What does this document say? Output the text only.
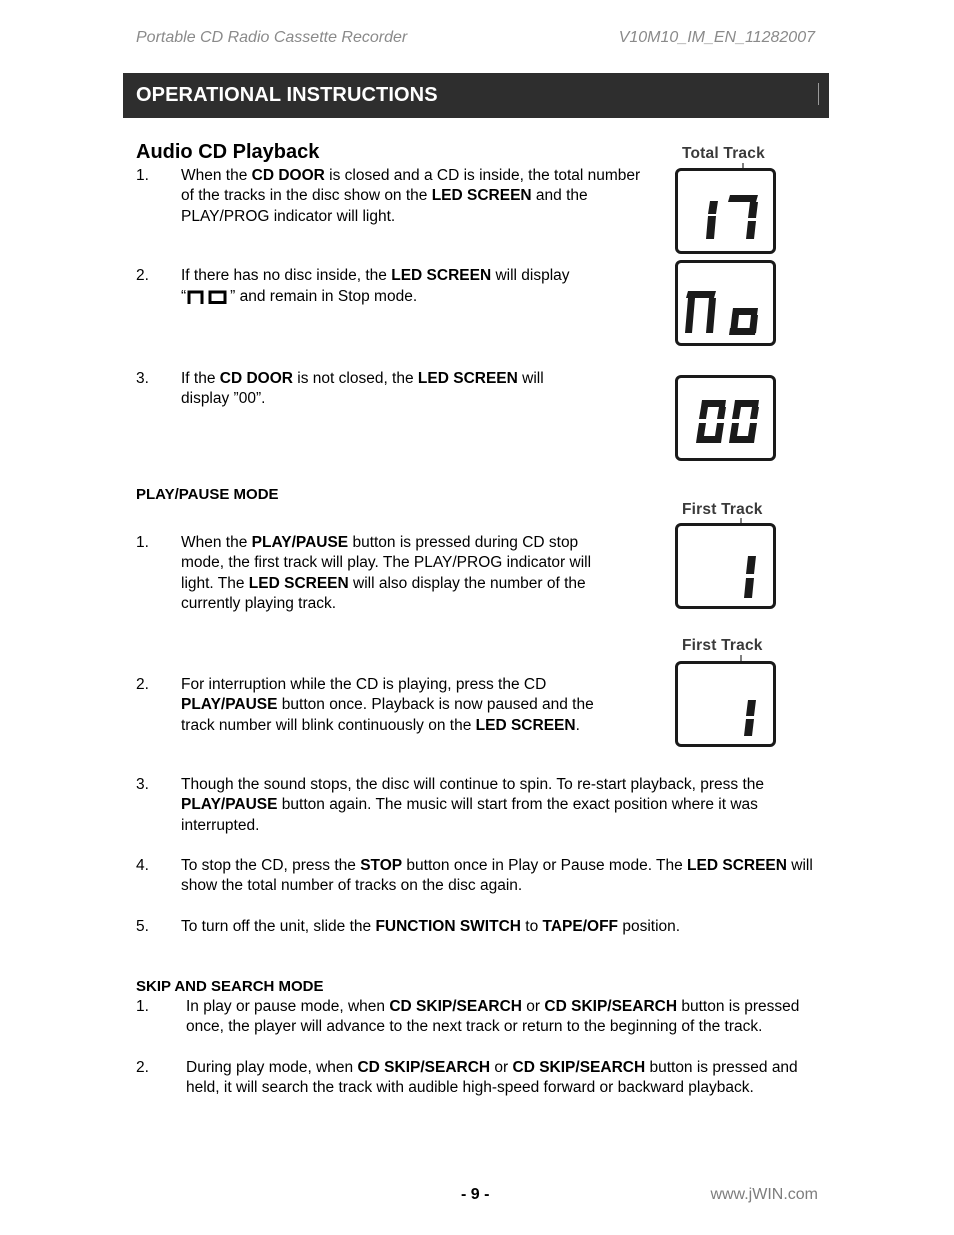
Portable CD Radio Cassette Recorder	V10M10_IM_EN_11282007
OPERATIONAL INSTRUCTIONS
Audio CD Playback
1. When the CD DOOR is closed and a CD is inside, the total number of the tracks in the disc show on the LED SCREEN and the PLAY/PROG indicator will light.
2. If there has no disc inside, the LED SCREEN will display
“	” and remain in Stop mode.
3. If the CD DOOR is not closed, the LED SCREEN will display ”00”.
PLAY/PAUSE MODE
1. When the PLAY/PAUSE button is pressed during CD stop mode, the first track will play. The PLAY/PROG indicator will light. The LED SCREEN will also display the number of the currently playing track.
2. For interruption while the CD is playing, press the CD PLAY/PAUSE button once. Playback is now paused and the track number will blink continuously on the LED SCREEN.
3. Though the sound stops, the disc will continue to spin. To re-start playback, press the PLAY/PAUSE button again. The music will start from the exact position where it was interrupted.
4. To stop the CD, press the STOP button once in Play or Pause mode. The LED SCREEN will show the total number of tracks on the disc again.
5. To turn off the unit, slide the FUNCTION SWITCH to TAPE/OFF position.
SKIP AND SEARCH MODE
1. In play or pause mode, when CD SKIP/SEARCH or CD SKIP/SEARCH button is pressed once, the player will advance to the next track or return to the beginning of the track.
2. During play mode, when CD SKIP/SEARCH or CD SKIP/SEARCH button is pressed and held, it will search the track with audible high-speed forward or backward playback.
Total Track
First Track
First Track
- 9 -	www.jWIN.com
